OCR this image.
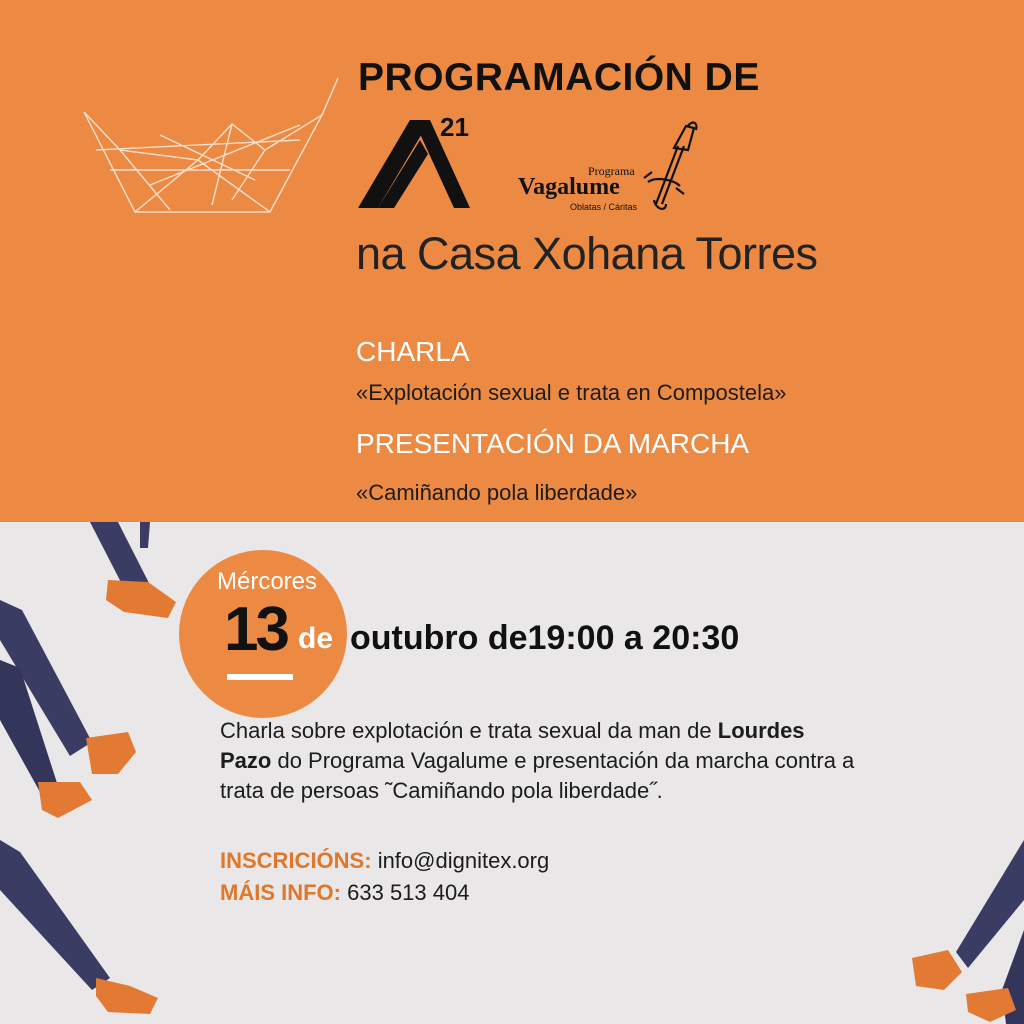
PROGRAMACIÓN DE
21
Programa
Vagalume
Oblatas / Cáritas
na Casa Xohana Torres
CHARLA
«Explotación sexual e trata en Compostela»
PRESENTACIÓN DA MARCHA
«Camiñando pola liberdade»
Mércores
13 de outubro de19:00 a 20:30
Charla sobre explotación e trata sexual da man de Lourdes
Pazo do Programa Vagalume e presentación da marcha contra a trata de persoas ˜Camiñando pola liberdade˝.
INSCRICIÓNS: info@dignitex.org
MÁIS INFO: 633 513 404
